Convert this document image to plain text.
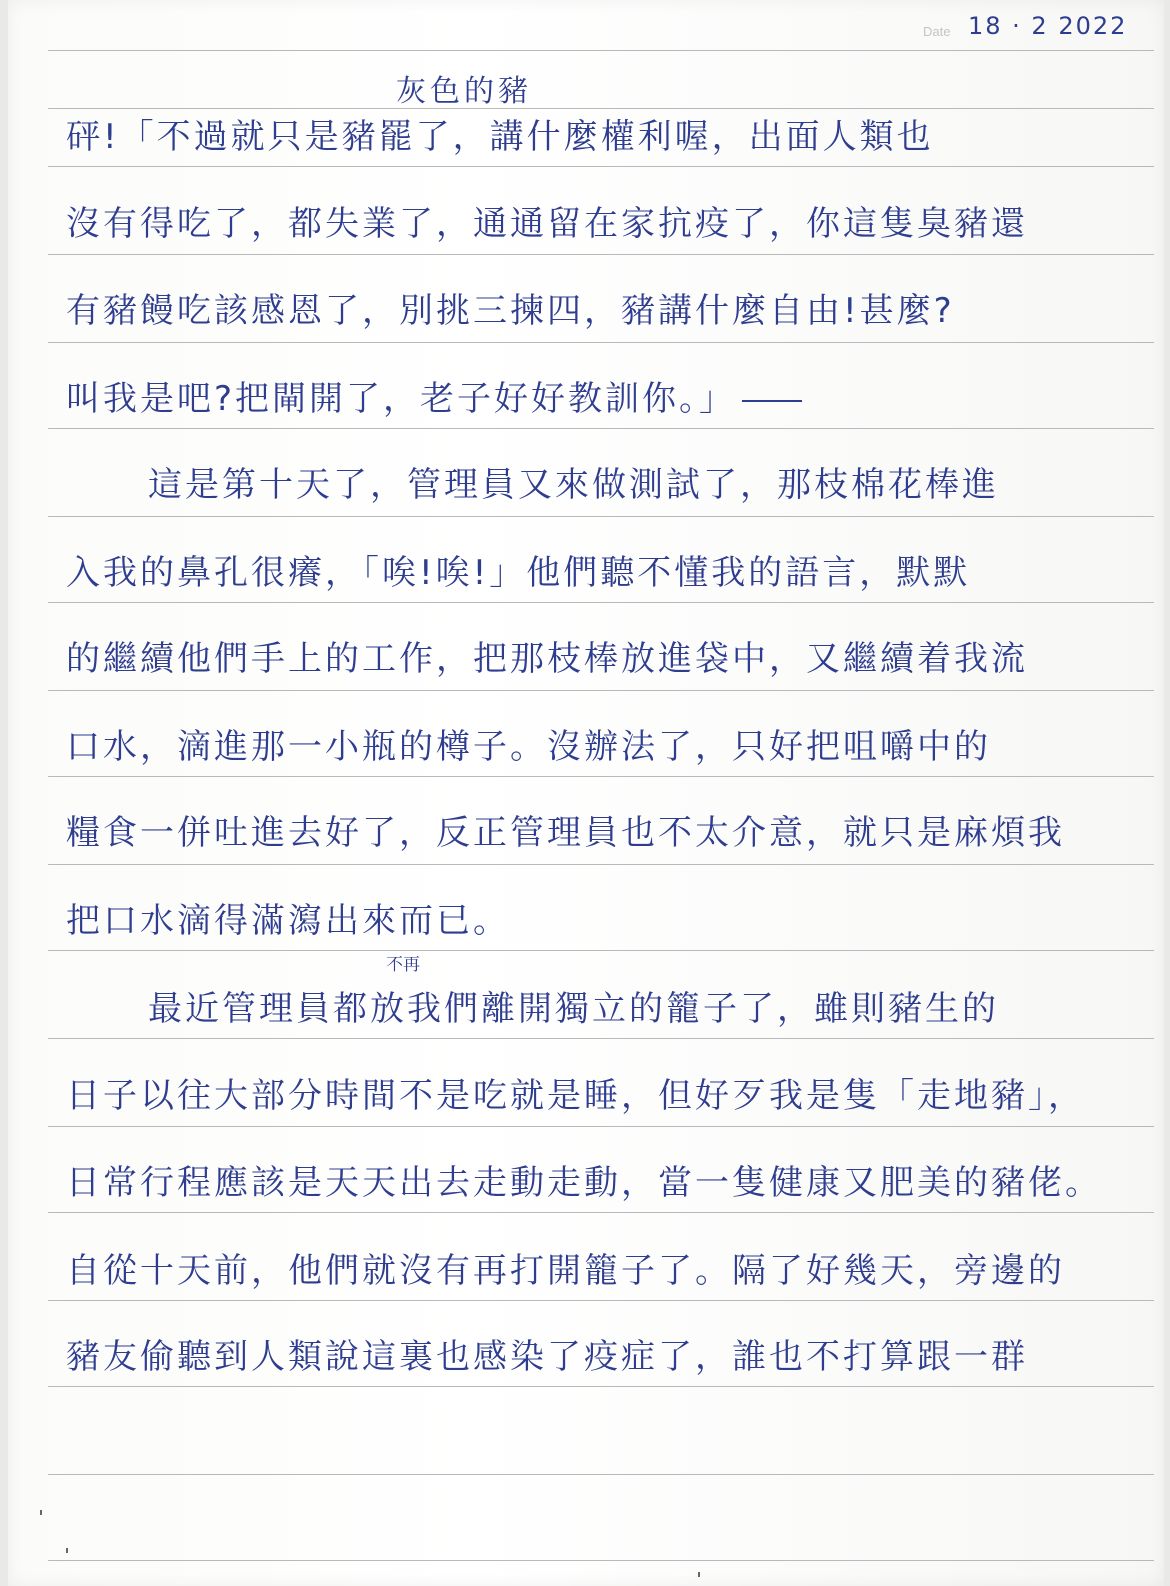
Date 18 · 2 2022
灰色的豬
砰!「不過就只是豬罷了，講什麼權利喔，出面人類也
沒有得吃了，都失業了，通通留在家抗疫了，你這隻臭豬還
有豬饅吃該感恩了，別挑三揀四，豬講什麼自由!甚麼?
叫我是吧?把閘開了，老子好好教訓你。」
這是第十天了，管理員又來做測試了，那枝棉花棒進
入我的鼻孔很癢，「唉!唉!」他們聽不懂我的語言，默默
的繼續他們手上的工作，把那枝棒放進袋中，又繼續着我流
口水，滴進那一小瓶的樽子。沒辦法了，只好把咀嚼中的
糧食一併吐進去好了，反正管理員也不太介意，就只是麻煩我
把口水滴得滿瀉出來而已。
不再
最近管理員都放我們離開獨立的籠子了，雖則豬生的
日子以往大部分時間不是吃就是睡，但好歹我是隻「走地豬」，
日常行程應該是天天出去走動走動，當一隻健康又肥美的豬佬。
自從十天前，他們就沒有再打開籠子了。隔了好幾天，旁邊的
豬友偷聽到人類說這裏也感染了疫症了，誰也不打算跟一群
